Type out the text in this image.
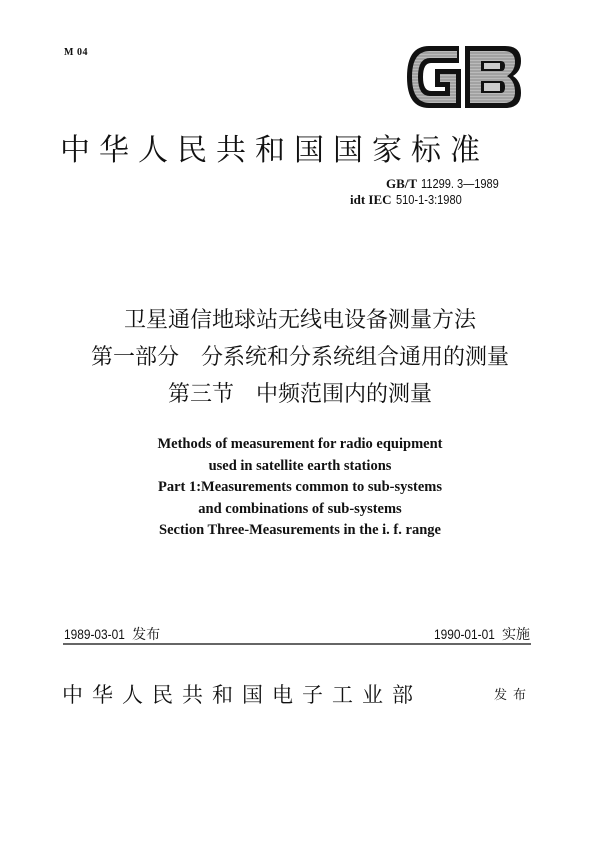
M 04
中华人民共和国国家标准
GB/T 11299. 3—1989
idt IEC 510-1-3:1980
卫星通信地球站无线电设备测量方法
第一部分　分系统和分系统组合通用的测量
第三节　中频范围内的测量
Methods of measurement for radio equipment
used in satellite earth stations
Part 1:Measurements common to sub-systems
and combinations of sub-systems
Section Three-Measurements in the i. f. range
1989-03-01 发布	1990-01-01 实施
中华人民共和国电子工业部	发布
